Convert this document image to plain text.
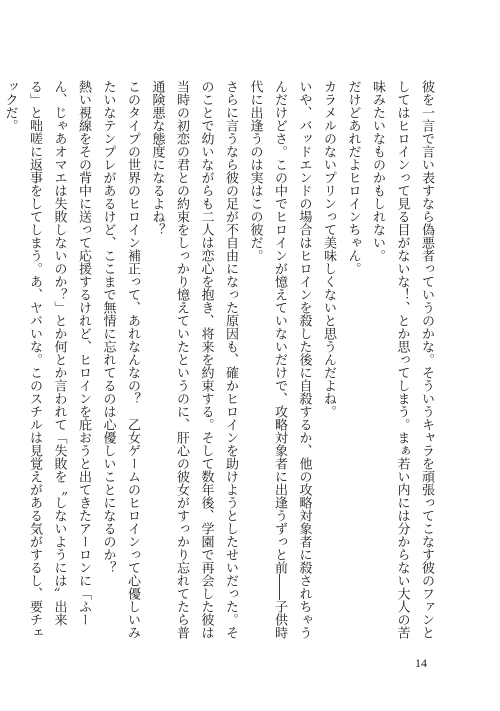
彼を一言で言い表すなら偽悪者っていうのかな。そういうキャラを頑張ってこなす彼のファンとしてはヒロインって見る目がないな！、とか思ってしまう。まぁ若い内には分からない大人の苦味みたいなものかもしれない。

だけどあれだよヒロインちゃん。

カラメルのないプリンって美味しくないと思うんだよね。

いや、バッドエンドの場合はヒロインを殺した後に自殺するか、他の攻略対象者に殺されちゃうんだけどさ。この中でヒロインが憶えていないだけで、攻略対象者に出逢うずっと前――子供時代に出逢うのは実はこの彼だ。

さらに言うなら彼の足が不自由になった原因も、確かヒロインを助けようとしたせいだった。そのことで幼いながらも二人は恋心を抱き、将来を約束する。そして数年後、学園で再会した彼は当時の初恋の君との約束をしっかり憶えていたというのに、肝心の彼女がすっかり忘れてたら普通険悪な態度になるよね？

このタイプの世界のヒロイン補正って、あれなんなの？　乙女ゲームのヒロインって心優しいみたいなテンプレがあるけど、ここまで無情に忘れてるのは心優しいことになるのか？

熱い視線をその背中に送って応援するけれど、ヒロインを庇おうと出てきたアーロンに「ふーん、じゃあオマエは失敗しないのか？」とか何とか言われて「失敗を〝しないようには〟出来る」と咄嗟に返事をしてしまう。あ、ヤバいな。このスチルは見覚えがある気がするし、要チェックだ。

14
